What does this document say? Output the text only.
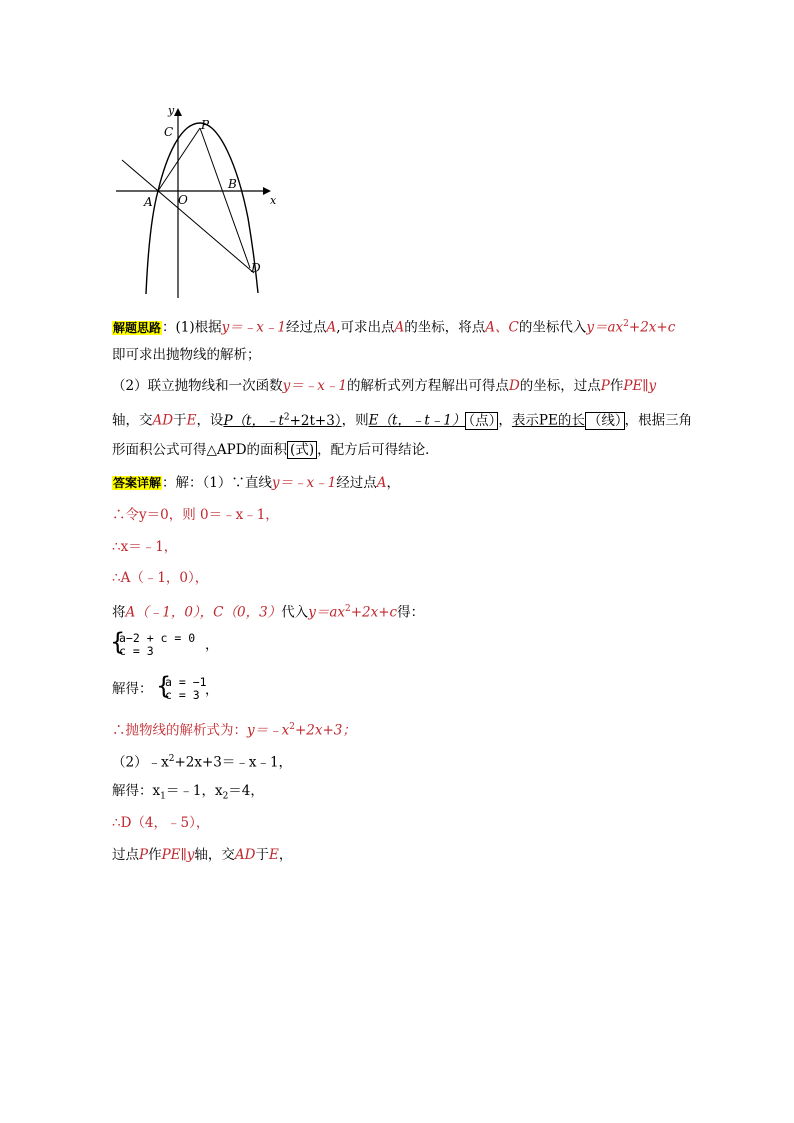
y
x
C P
B
A O
D
解题思路：(1)根据y＝﹣x﹣1经过点A,可求出点A的坐标，将点A、C的坐标代入$y=ax^2+2x+c$
即可求出抛物线的解析；
（2）联立抛物线和一次函数y＝﹣x﹣1的解析式列方程解出可得点D的坐标，过点P作PE∥y
轴，交AD于E，设P（t，$﹣t^2+2t+3$），则E（t，﹣t﹣1） （点） ，表示PE的长 （线） ，根据三角
形面积公式可得△APD的面积 (式) ，配方后可得结论．
答案详解：解：（1）∵直线y＝﹣x﹣1经过点A，
∴令y＝0，则 0＝﹣x﹣1，
∴x＝﹣1，
∴A（﹣1，0），
将A（﹣1，0），C（0，3）代入$y=ax^2+2x+c$得：
{
a−2 + c = 0
c = 3	，
解得： {
a = −1
c = 3 ，
∴抛物线的解析式为：$y=﹣x^2+2x+3$；
$(2)﹣x^2+2x+3=﹣x﹣1$，
解得：$x_1=﹣1$，$x_2=4$，
∴D（4，﹣5），
过点P作PE∥y轴，交AD于E，
